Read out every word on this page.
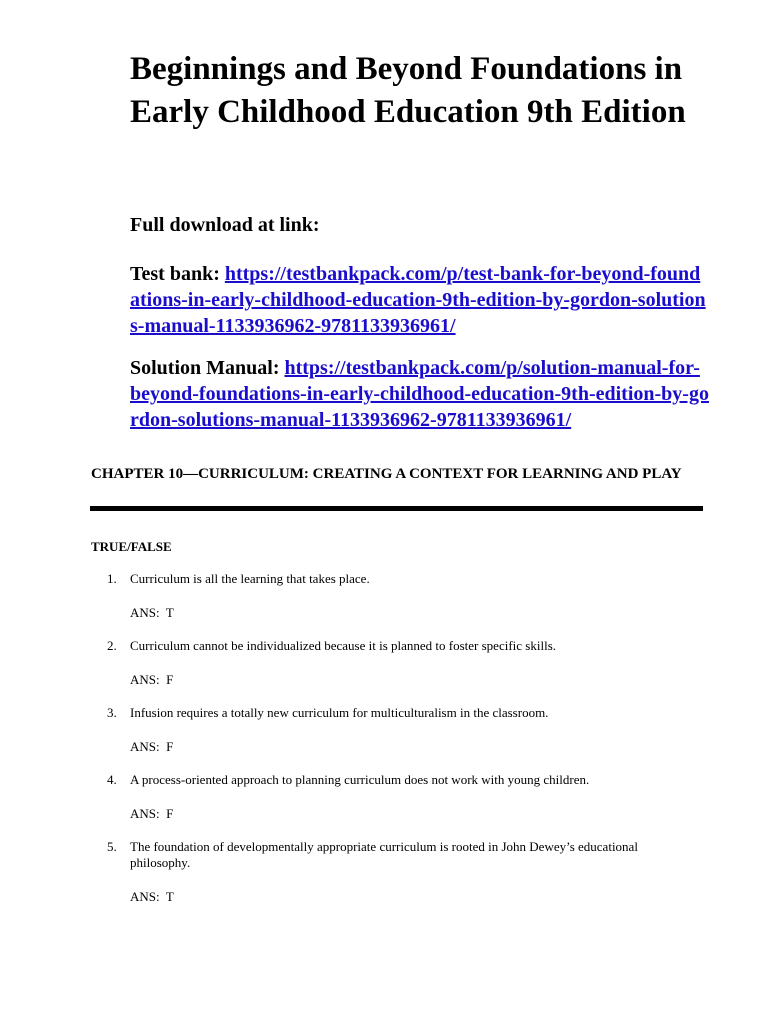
Beginnings and Beyond Foundations in Early Childhood Education 9th Edition

Full download at link:

Test bank: https://testbankpack.com/p/test-bank-for-beyond-foundations-in-early-childhood-education-9th-edition-by-gordon-solutions-manual-1133936962-9781133936961/

Solution Manual: https://testbankpack.com/p/solution-manual-for-beyond-foundations-in-early-childhood-education-9th-edition-by-gordon-solutions-manual-1133936962-9781133936961/

CHAPTER 10—CURRICULUM: CREATING A CONTEXT FOR LEARNING AND PLAY
TRUE/FALSE
1. Curriculum is all the learning that takes place.
ANS:  T
2. Curriculum cannot be individualized because it is planned to foster specific skills.
ANS:  F
3. Infusion requires a totally new curriculum for multiculturalism in the classroom.
ANS:  F
4. A process-oriented approach to planning curriculum does not work with young children.
ANS:  F
5. The foundation of developmentally appropriate curriculum is rooted in John Dewey’s educational philosophy.
ANS:  T
